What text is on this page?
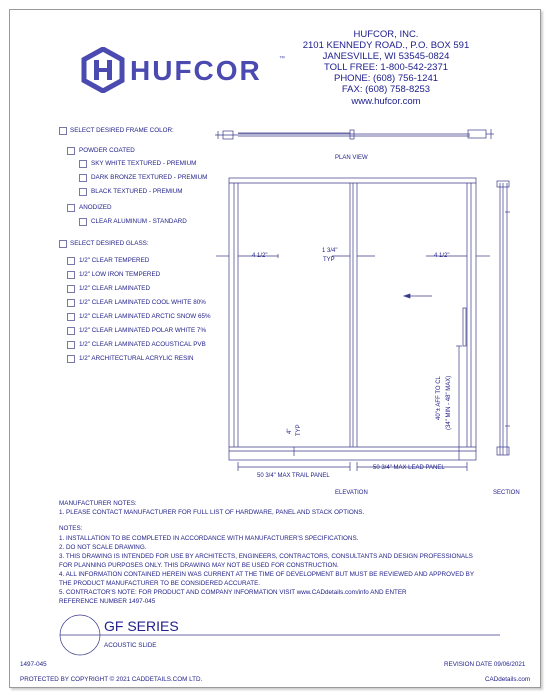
HUFCOR	™
HUFCOR, INC.
2101 KENNEDY ROAD., P.O. BOX 591
JANESVILLE, WI 53545-0824
TOLL FREE: 1-800-542-2371
PHONE: (608) 756-1241
FAX: (608) 758-8253
www.hufcor.com
SELECT DESIRED FRAME COLOR:
POWDER COATED
SKY WHITE TEXTURED - PREMIUM
DARK BRONZE TEXTURED - PREMIUM
BLACK TEXTURED - PREMIUM
ANODIZED
CLEAR ALUMINUM - STANDARD
SELECT DESIRED GLASS:
1/2" CLEAR TEMPERED
1/2" LOW IRON TEMPERED
1/2" CLEAR LAMINATED
1/2" CLEAR LAMINATED COOL WHITE 80%
1/2" CLEAR LAMINATED ARCTIC SNOW 65%
1/2" CLEAR LAMINATED POLAR WHITE 7%
1/2" CLEAR LAMINATED ACOUSTICAL PVB
1/2" ARCHITECTURAL ACRYLIC RESIN
PLAN VIEW
4 1/2"
1 3/4"
TYP
4 1/2"
40"± AFF TO CL (34" MIN - 48" MAX)
4" TYP
50 3/4" MAX TRAIL PANEL
50 3/4" MAX LEAD PANEL
ELEVATION	SECTION
MANUFACTURER NOTES:
1. PLEASE CONTACT MANUFACTURER FOR FULL LIST OF HARDWARE, PANEL AND STACK OPTIONS.
NOTES:
1. INSTALLATION TO BE COMPLETED IN ACCORDANCE WITH MANUFACTURER'S SPECIFICATIONS.
2. DO NOT SCALE DRAWING.
3. THIS DRAWING IS INTENDED FOR USE BY ARCHITECTS, ENGINEERS, CONTRACTORS, CONSULTANTS AND DESIGN PROFESSIONALS
FOR PLANNING PURPOSES ONLY. THIS DRAWING MAY NOT BE USED FOR CONSTRUCTION.
4. ALL INFORMATION CONTAINED HEREIN WAS CURRENT AT THE TIME OF DEVELOPMENT BUT MUST BE REVIEWED AND APPROVED BY
THE PRODUCT MANUFACTURER TO BE CONSIDERED ACCURATE.
5. CONTRACTOR'S NOTE: FOR PRODUCT AND COMPANY INFORMATION VISIT www.CADdetails.com/info AND ENTER
REFERENCE NUMBER 1497-045
GF SERIES
ACOUSTIC SLIDE
1497-045	REVISION DATE 09/06/2021
PROTECTED BY COPYRIGHT © 2021 CADDETAILS.COM LTD.	CADdetails.com
